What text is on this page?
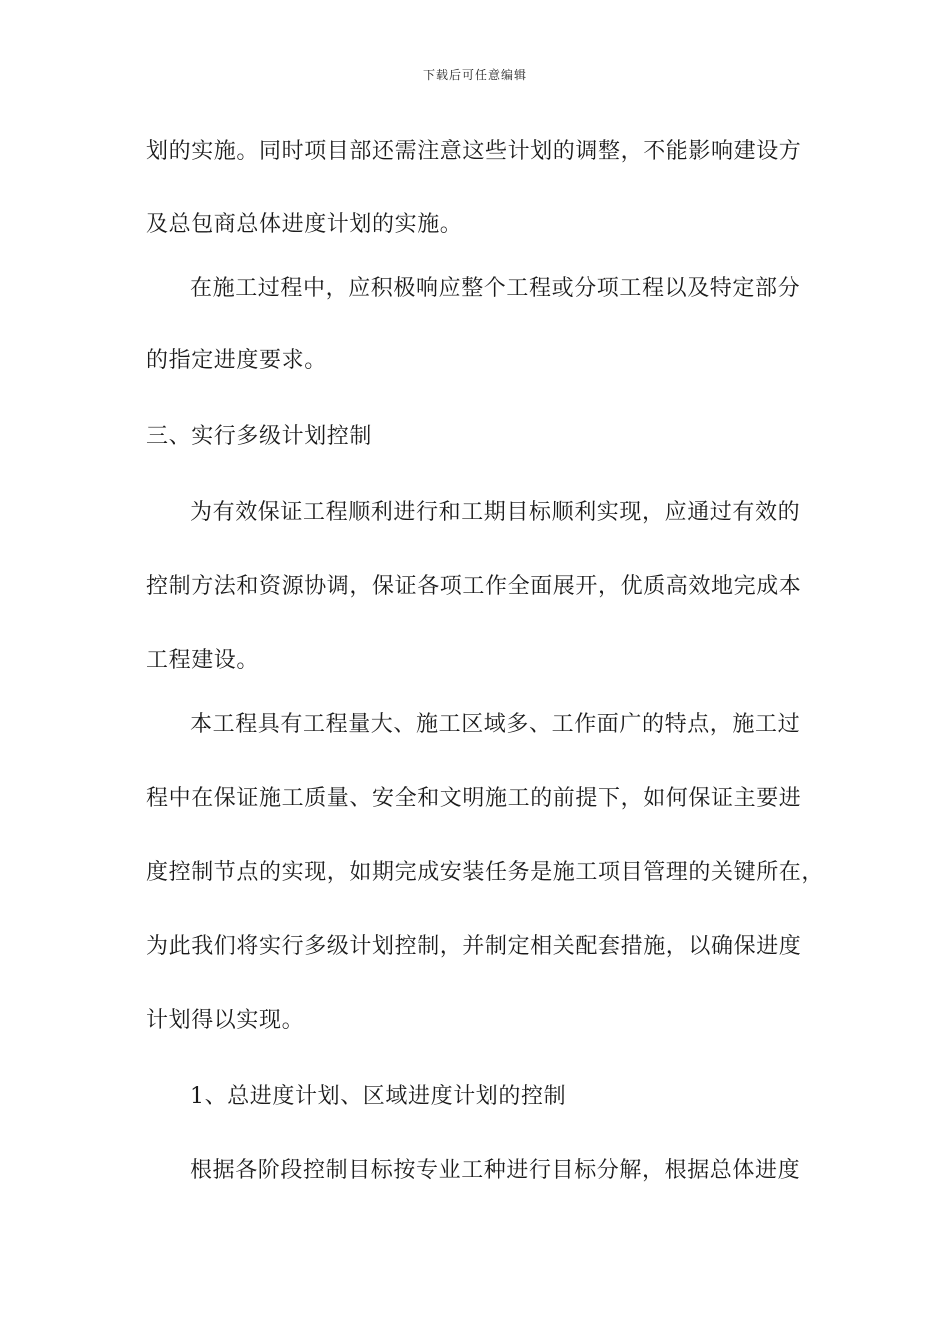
下载后可任意编辑
划的实施。同时项目部还需注意这些计划的调整，不能影响建设方
及总包商总体进度计划的实施。
在施工过程中，应积极响应整个工程或分项工程以及特定部分
的指定进度要求。
三、实行多级计划控制
为有效保证工程顺利进行和工期目标顺利实现，应通过有效的
控制方法和资源协调，保证各项工作全面展开，优质高效地完成本
工程建设。
本工程具有工程量大、施工区域多、工作面广的特点，施工过
程中在保证施工质量、安全和文明施工的前提下，如何保证主要进
度控制节点的实现，如期完成安装任务是施工项目管理的关键所在，
为此我们将实行多级计划控制，并制定相关配套措施，以确保进度
计划得以实现。
1、总进度计划、区域进度计划的控制
根据各阶段控制目标按专业工种进行目标分解，根据总体进度
